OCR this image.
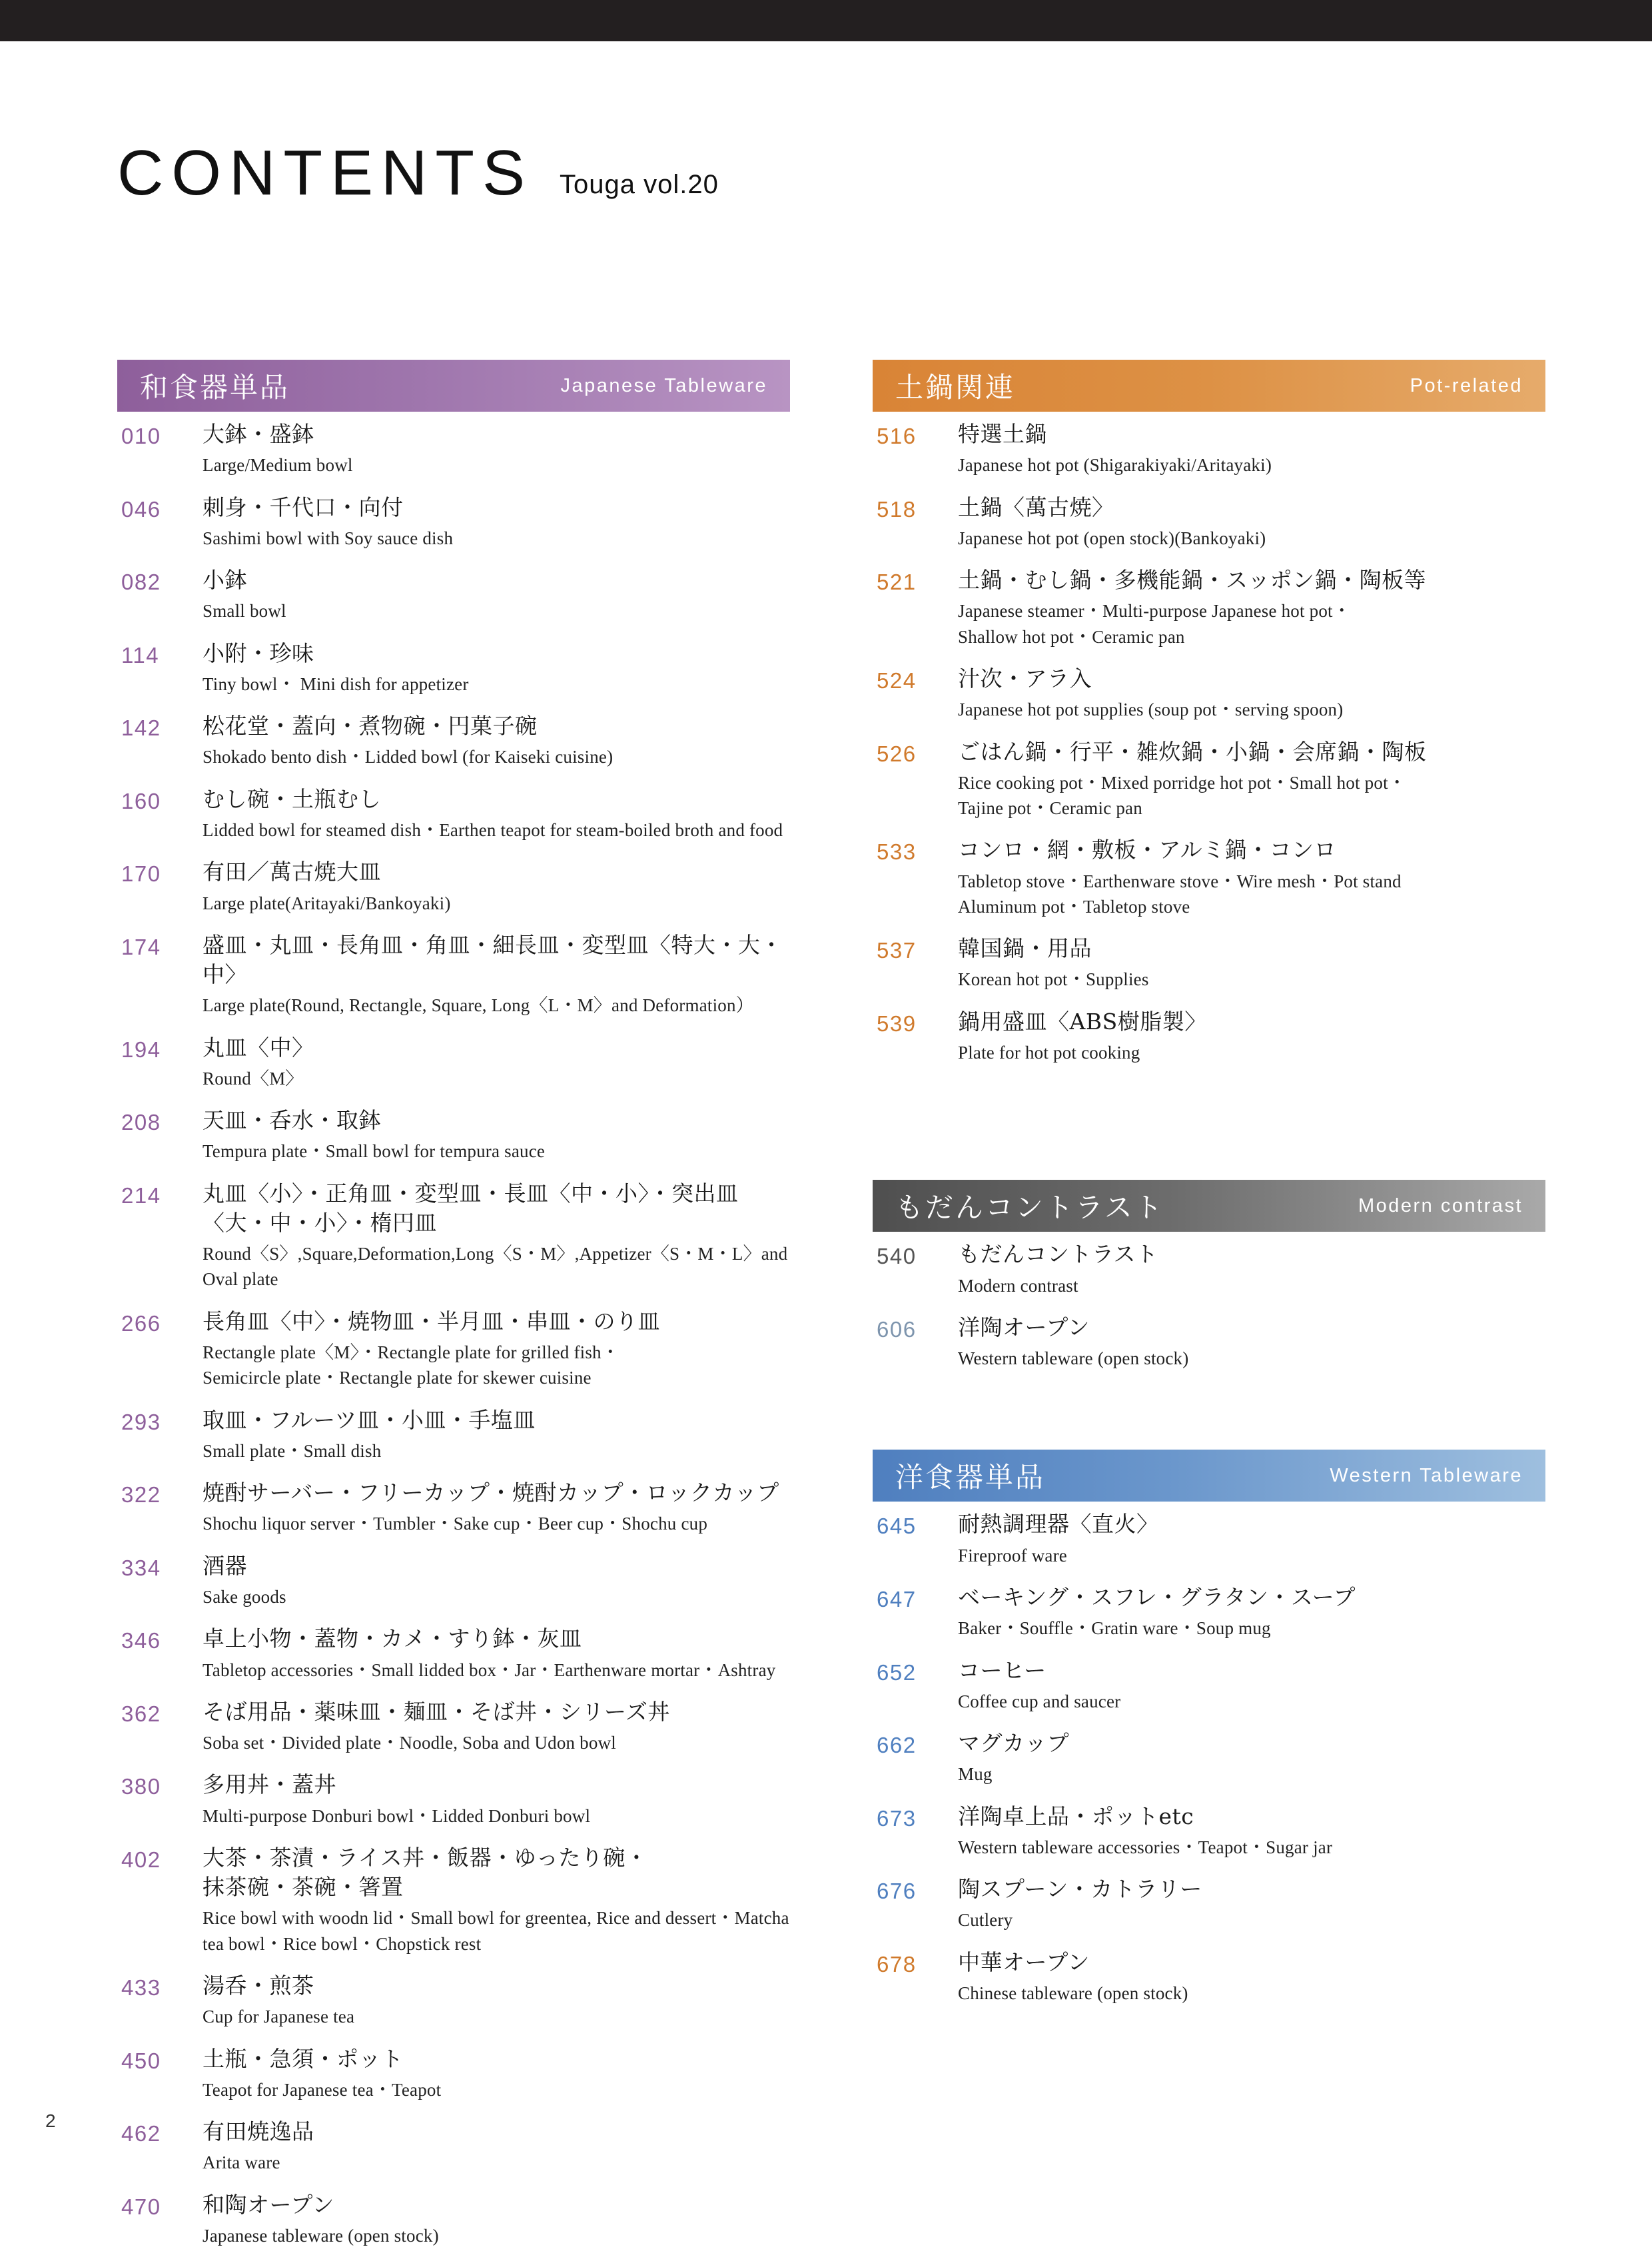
CONTENTS Touga vol.20
和食器単品	Japanese Tableware
010	大鉢・盛鉢
Large/Medium bowl
046	刺身・千代口・向付
Sashimi bowl with Soy sauce dish
082	小鉢
Small bowl
114	小附・珍味
Tiny bowl・ Mini dish for appetizer
142	松花堂・蓋向・煮物碗・円菓子碗
Shokado bento dish・Lidded bowl (for Kaiseki cuisine)
160	むし碗・土瓶むし
Lidded bowl for steamed dish・Earthen teapot for steam-boiled broth and food
170	有田／萬古焼大皿
Large plate(Aritayaki/Bankoyaki)
174	盛皿・丸皿・長角皿・角皿・細長皿・変型皿〈特大・大・中〉
Large plate(Round, Rectangle, Square, Long〈L・M〉and Deformation）
194	丸皿〈中〉
Round〈M〉
208	天皿・呑水・取鉢
Tempura plate・Small bowl for tempura sauce
214	丸皿〈小〉・正角皿・変型皿・長皿〈中・小〉・突出皿〈大・中・小〉・楕円皿
Round〈S〉,Square,Deformation,Long〈S・M〉,Appetizer〈S・M・L〉and Oval plate
266	長角皿〈中〉・焼物皿・半月皿・串皿・のり皿
Rectangle plate〈M〉・Rectangle plate for grilled fish・
Semicircle plate・Rectangle plate for skewer cuisine
293	取皿・フルーツ皿・小皿・手塩皿
Small plate・Small dish
322	焼酎サーバー・フリーカップ・焼酎カップ・ロックカップ
Shochu liquor server・Tumbler・Sake cup・Beer cup・Shochu cup
334	酒器
Sake goods
346	卓上小物・蓋物・カメ・すり鉢・灰皿
Tabletop accessories・Small lidded box・Jar・Earthenware mortar・Ashtray
362	そば用品・薬味皿・麺皿・そば丼・シリーズ丼
Soba set・Divided plate・Noodle, Soba and Udon bowl
380	多用丼・蓋丼
Multi-purpose Donburi bowl・Lidded Donburi bowl
402	大茶・茶漬・ライス丼・飯器・ゆったり碗・
抹茶碗・茶碗・箸置
Rice bowl with woodn lid・Small bowl for greentea, Rice and dessert・Matcha
tea bowl・Rice bowl・Chopstick rest
433	湯呑・煎茶
Cup for Japanese tea
450	土瓶・急須・ポット
Teapot for Japanese tea・Teapot
462	有田焼逸品
Arita ware
470	和陶オープン
Japanese tableware (open stock)
土鍋関連	Pot-related
516	特選土鍋
Japanese hot pot (Shigarakiyaki/Aritayaki)
518	土鍋〈萬古焼〉
Japanese hot pot (open stock)(Bankoyaki)
521	土鍋・むし鍋・多機能鍋・スッポン鍋・陶板等
Japanese steamer・Multi-purpose Japanese hot pot・
Shallow hot pot・Ceramic pan
524	汁次・アラ入
Japanese hot pot supplies (soup pot・serving spoon)
526	ごはん鍋・行平・雑炊鍋・小鍋・会席鍋・陶板
Rice cooking pot・Mixed porridge hot pot・Small hot pot・
Tajine pot・Ceramic pan
533	コンロ・網・敷板・アルミ鍋・コンロ
Tabletop stove・Earthenware stove・Wire mesh・Pot stand
Aluminum pot・Tabletop stove
537	韓国鍋・用品
Korean hot pot・Supplies
539	鍋用盛皿〈ABS樹脂製〉
Plate for hot pot cooking
もだんコントラスト	Modern contrast
540	もだんコントラスト
Modern contrast
606	洋陶オープン
Western tableware (open stock)
洋食器単品	Western Tableware
645	耐熱調理器〈直火〉
Fireproof ware
647	ベーキング・スフレ・グラタン・スープ
Baker・Souffle・Gratin ware・Soup mug
652	コーヒー
Coffee cup and saucer
662	マグカップ
Mug
673	洋陶卓上品・ポットetc
Western tableware accessories・Teapot・Sugar jar
676	陶スプーン・カトラリー
Cutlery
678	中華オープン
Chinese tableware (open stock)
2
